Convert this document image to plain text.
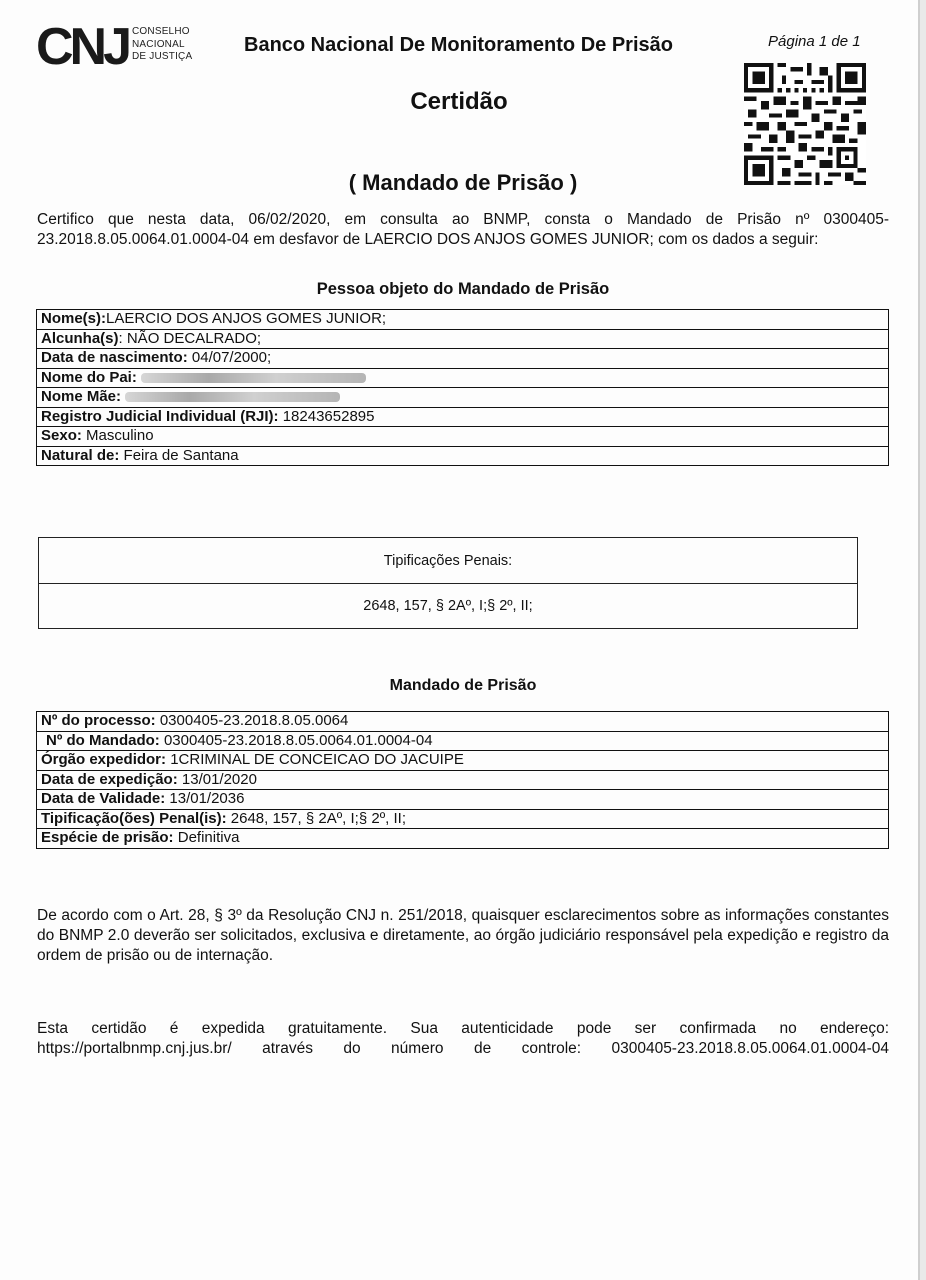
CNJ CONSELHO
NACIONAL
DE JUSTIÇA
Banco Nacional De Monitoramento De Prisão	Página 1 de 1
Certidão
( Mandado de Prisão )
Certifico que nesta data, 06/02/2020, em consulta ao BNMP, consta o Mandado de Prisão nº 0300405-23.2018.8.05.0064.01.0004-04 em desfavor de LAERCIO DOS ANJOS GOMES JUNIOR; com os dados a seguir:
Pessoa objeto do Mandado de Prisão
Nome(s):LAERCIO DOS ANJOS GOMES JUNIOR;
Alcunha(s): NÃO DECALRADO;
Data de nascimento: 04/07/2000;
Nome do Pai:
Nome Mãe:
Registro Judicial Individual (RJI): 18243652895
Sexo: Masculino
Natural de: Feira de Santana
Tipificações Penais:
2648, 157, § 2Aº, I;§ 2º, II;
Mandado de Prisão
Nº do processo: 0300405-23.2018.8.05.0064
Nº do Mandado: 0300405-23.2018.8.05.0064.01.0004-04
Órgão expedidor: 1CRIMINAL DE CONCEICAO DO JACUIPE
Data de expedição: 13/01/2020
Data de Validade: 13/01/2036
Tipificação(ões) Penal(is): 2648, 157, § 2Aº, I;§ 2º, II;
Espécie de prisão: Definitiva
De acordo com o Art. 28, § 3º da Resolução CNJ n. 251/2018, quaisquer esclarecimentos sobre as informações constantes do BNMP 2.0 deverão ser solicitados, exclusiva e diretamente, ao órgão judiciário responsável pela expedição e registro da ordem de prisão ou de internação.
Esta certidão é expedida gratuitamente. Sua autenticidade pode ser confirmada no endereço:
https://portalbnmp.cnj.jus.br/ através do número de controle: 0300405-23.2018.8.05.0064.01.0004-04
